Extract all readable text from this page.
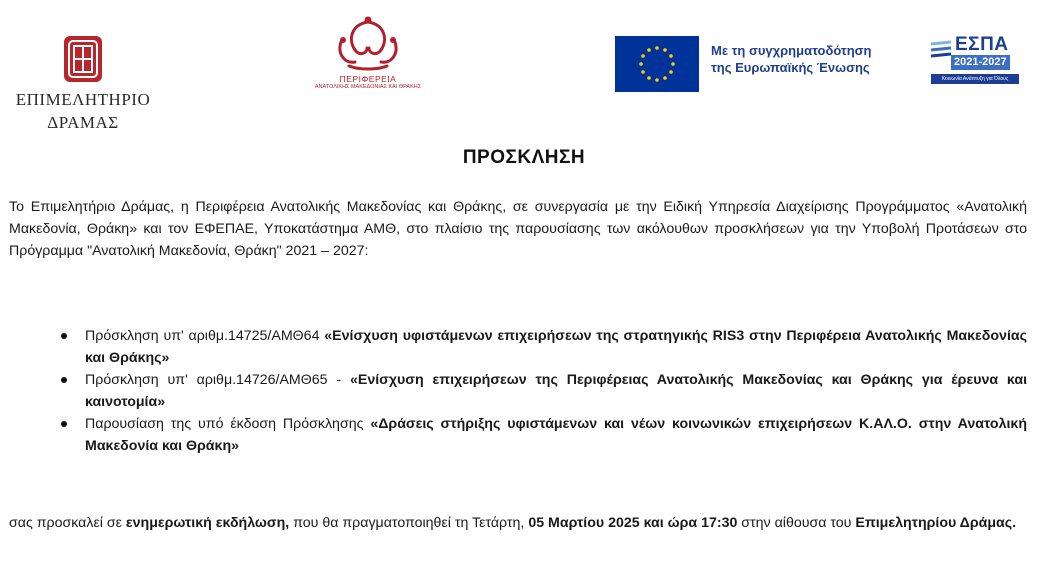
ΕΠΙΜΕΛΗΤΗΡΙΟ
ΔΡΑΜΑΣ
ΠΕΡΙΦΕΡΕΙΑ
ΑΝΑΤΟΛΙΚΗΣ ΜΑΚΕΔΟΝΙΑΣ ΚΑΙ ΘΡΑΚΗΣ
Με τη συγχρηματοδότηση
της Ευρωπαϊκής Ένωσης
ΕΣΠΑ
2021-2027
Κοινωνία Ανάπτυξη για Όλους
ΠΡΟΣΚΛΗΣΗ
Το Επιμελητήριο Δράμας, η Περιφέρεια Ανατολικής Μακεδονίας και Θράκης, σε συνεργασία με την Ειδική Υπηρεσία Διαχείρισης Προγράμματος «Ανατολική Μακεδονία, Θράκη» και τον ΕΦΕΠΑΕ, Υποκατάστημα ΑΜΘ, στο πλαίσιο της παρουσίασης των ακόλουθων προσκλήσεων για την Υποβολή Προτάσεων στο Πρόγραμμα "Ανατολική Μακεδονία, Θράκη" 2021 – 2027:
Πρόσκληση υπ' αριθμ.14725/ΑΜΘ64 «Ενίσχυση υφιστάμενων επιχειρήσεων της στρατηγικής RIS3 στην Περιφέρεια Ανατολικής Μακεδονίας και Θράκης»
Πρόσκληση υπ' αριθμ.14726/ΑΜΘ65 - «Ενίσχυση επιχειρήσεων της Περιφέρειας Ανατολικής Μακεδονίας και Θράκης για έρευνα και καινοτομία»
Παρουσίαση της υπό έκδοση Πρόσκλησης «Δράσεις στήριξης υφιστάμενων και νέων κοινωνικών επιχειρήσεων Κ.ΑΛ.Ο. στην Ανατολική Μακεδονία και Θράκη»
σας προσκαλεί σε ενημερωτική εκδήλωση, που θα πραγματοποιηθεί τη Τετάρτη, 05 Μαρτίου 2025 και ώρα 17:30 στην αίθουσα του Επιμελητηρίου Δράμας.
